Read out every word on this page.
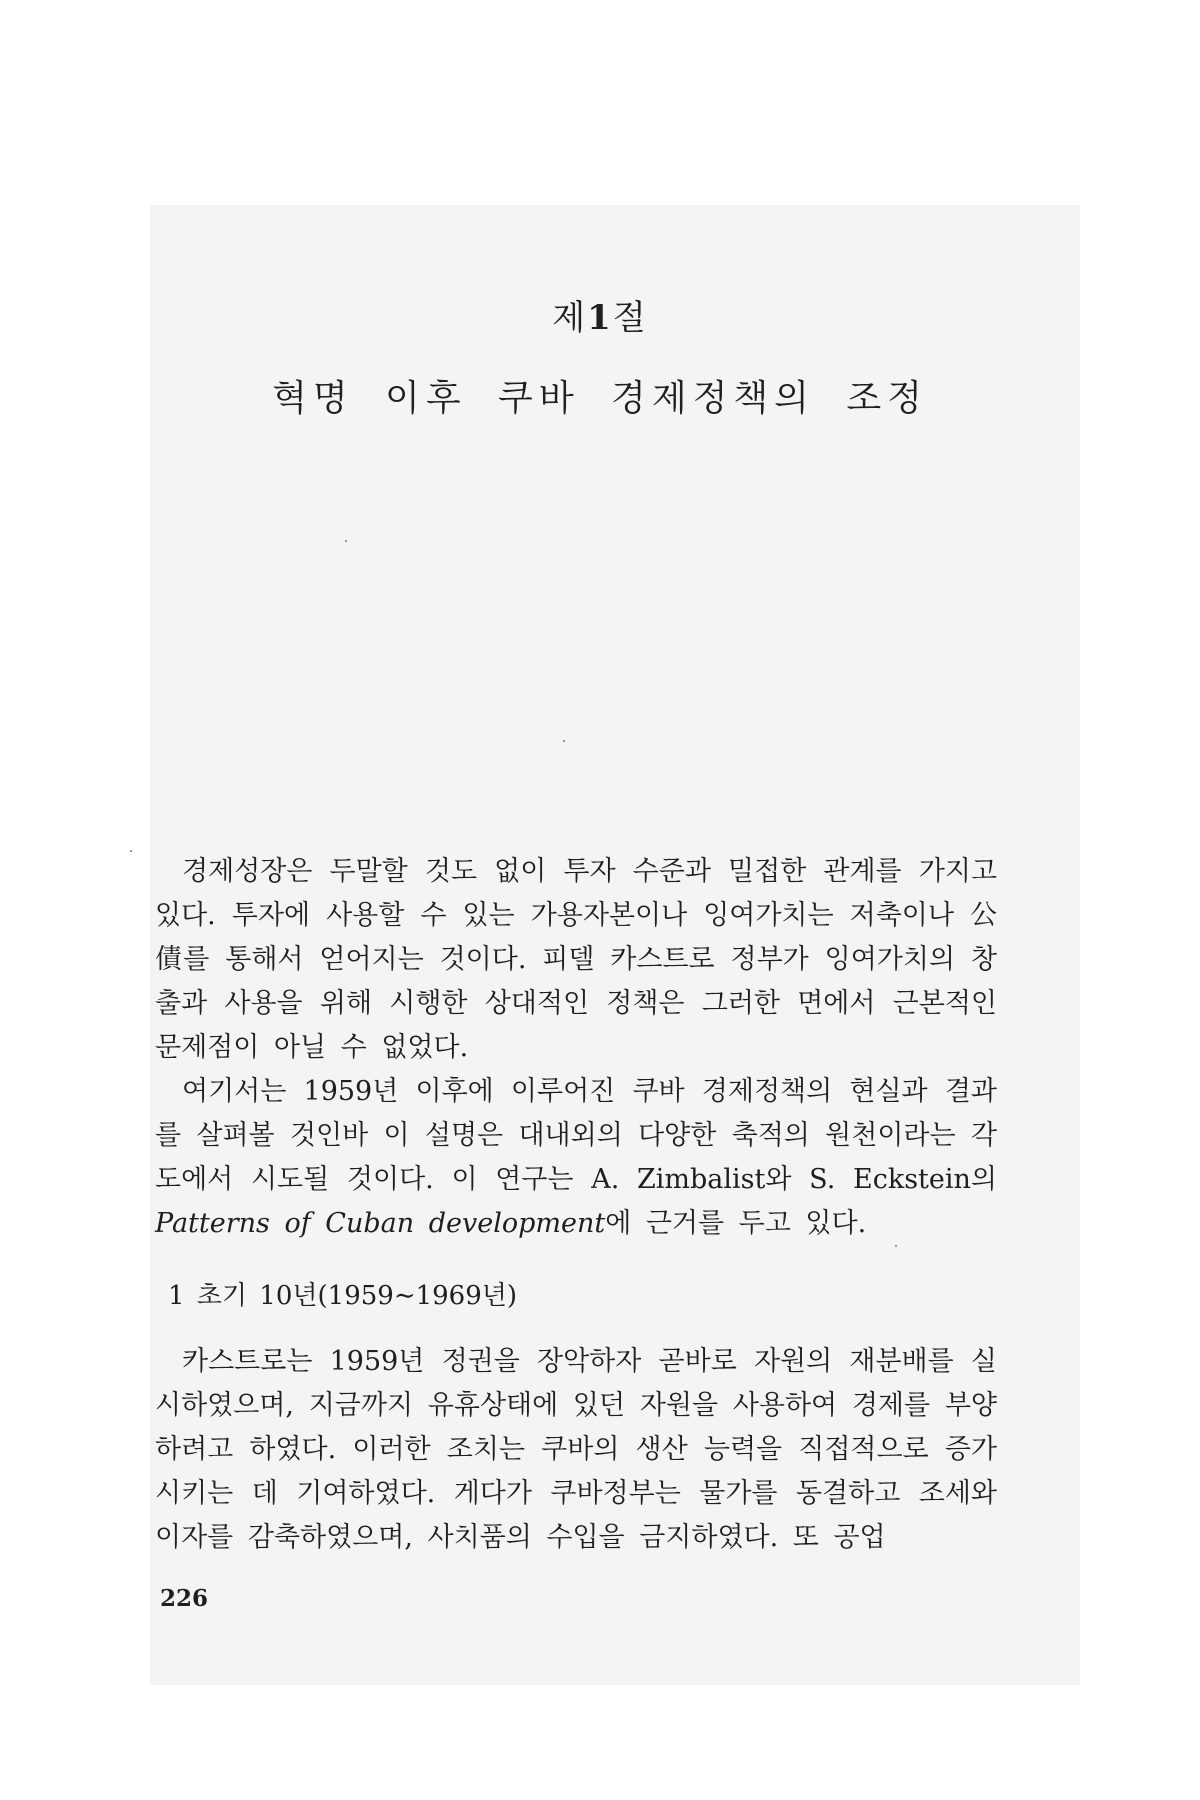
제1절
혁명 이후 쿠바 경제정책의 조정

경제성장은 두말할 것도 없이 투자 수준과 밀접한 관계를 가지고 있다. 투자에 사용할 수 있는 가용자본이나 잉여가치는 저축이나 公債를 통해서 얻어지는 것이다. 피델 카스트로 정부가 잉여가치의 창출과 사용을 위해 시행한 상대적인 정책은 그러한 면에서 근본적인 문제점이 아닐 수 없었다.

여기서는 1959년 이후에 이루어진 쿠바 경제정책의 현실과 결과를 살펴볼 것인바 이 설명은 대내외의 다양한 축적의 원천이라는 각도에서 시도될 것이다. 이 연구는 A. Zimbalist와 S. Eckstein의 Patterns of Cuban development에 근거를 두고 있다.

1 초기 10년(1959∼1969년)

카스트로는 1959년 정권을 장악하자 곧바로 자원의 재분배를 실시하였으며, 지금까지 유휴상태에 있던 자원을 사용하여 경제를 부양하려고 하였다. 이러한 조치는 쿠바의 생산 능력을 직접적으로 증가시키는 데 기여하였다. 게다가 쿠바정부는 물가를 동결하고 조세와 이자를 감축하였으며, 사치품의 수입을 금지하였다. 또 공업

226
